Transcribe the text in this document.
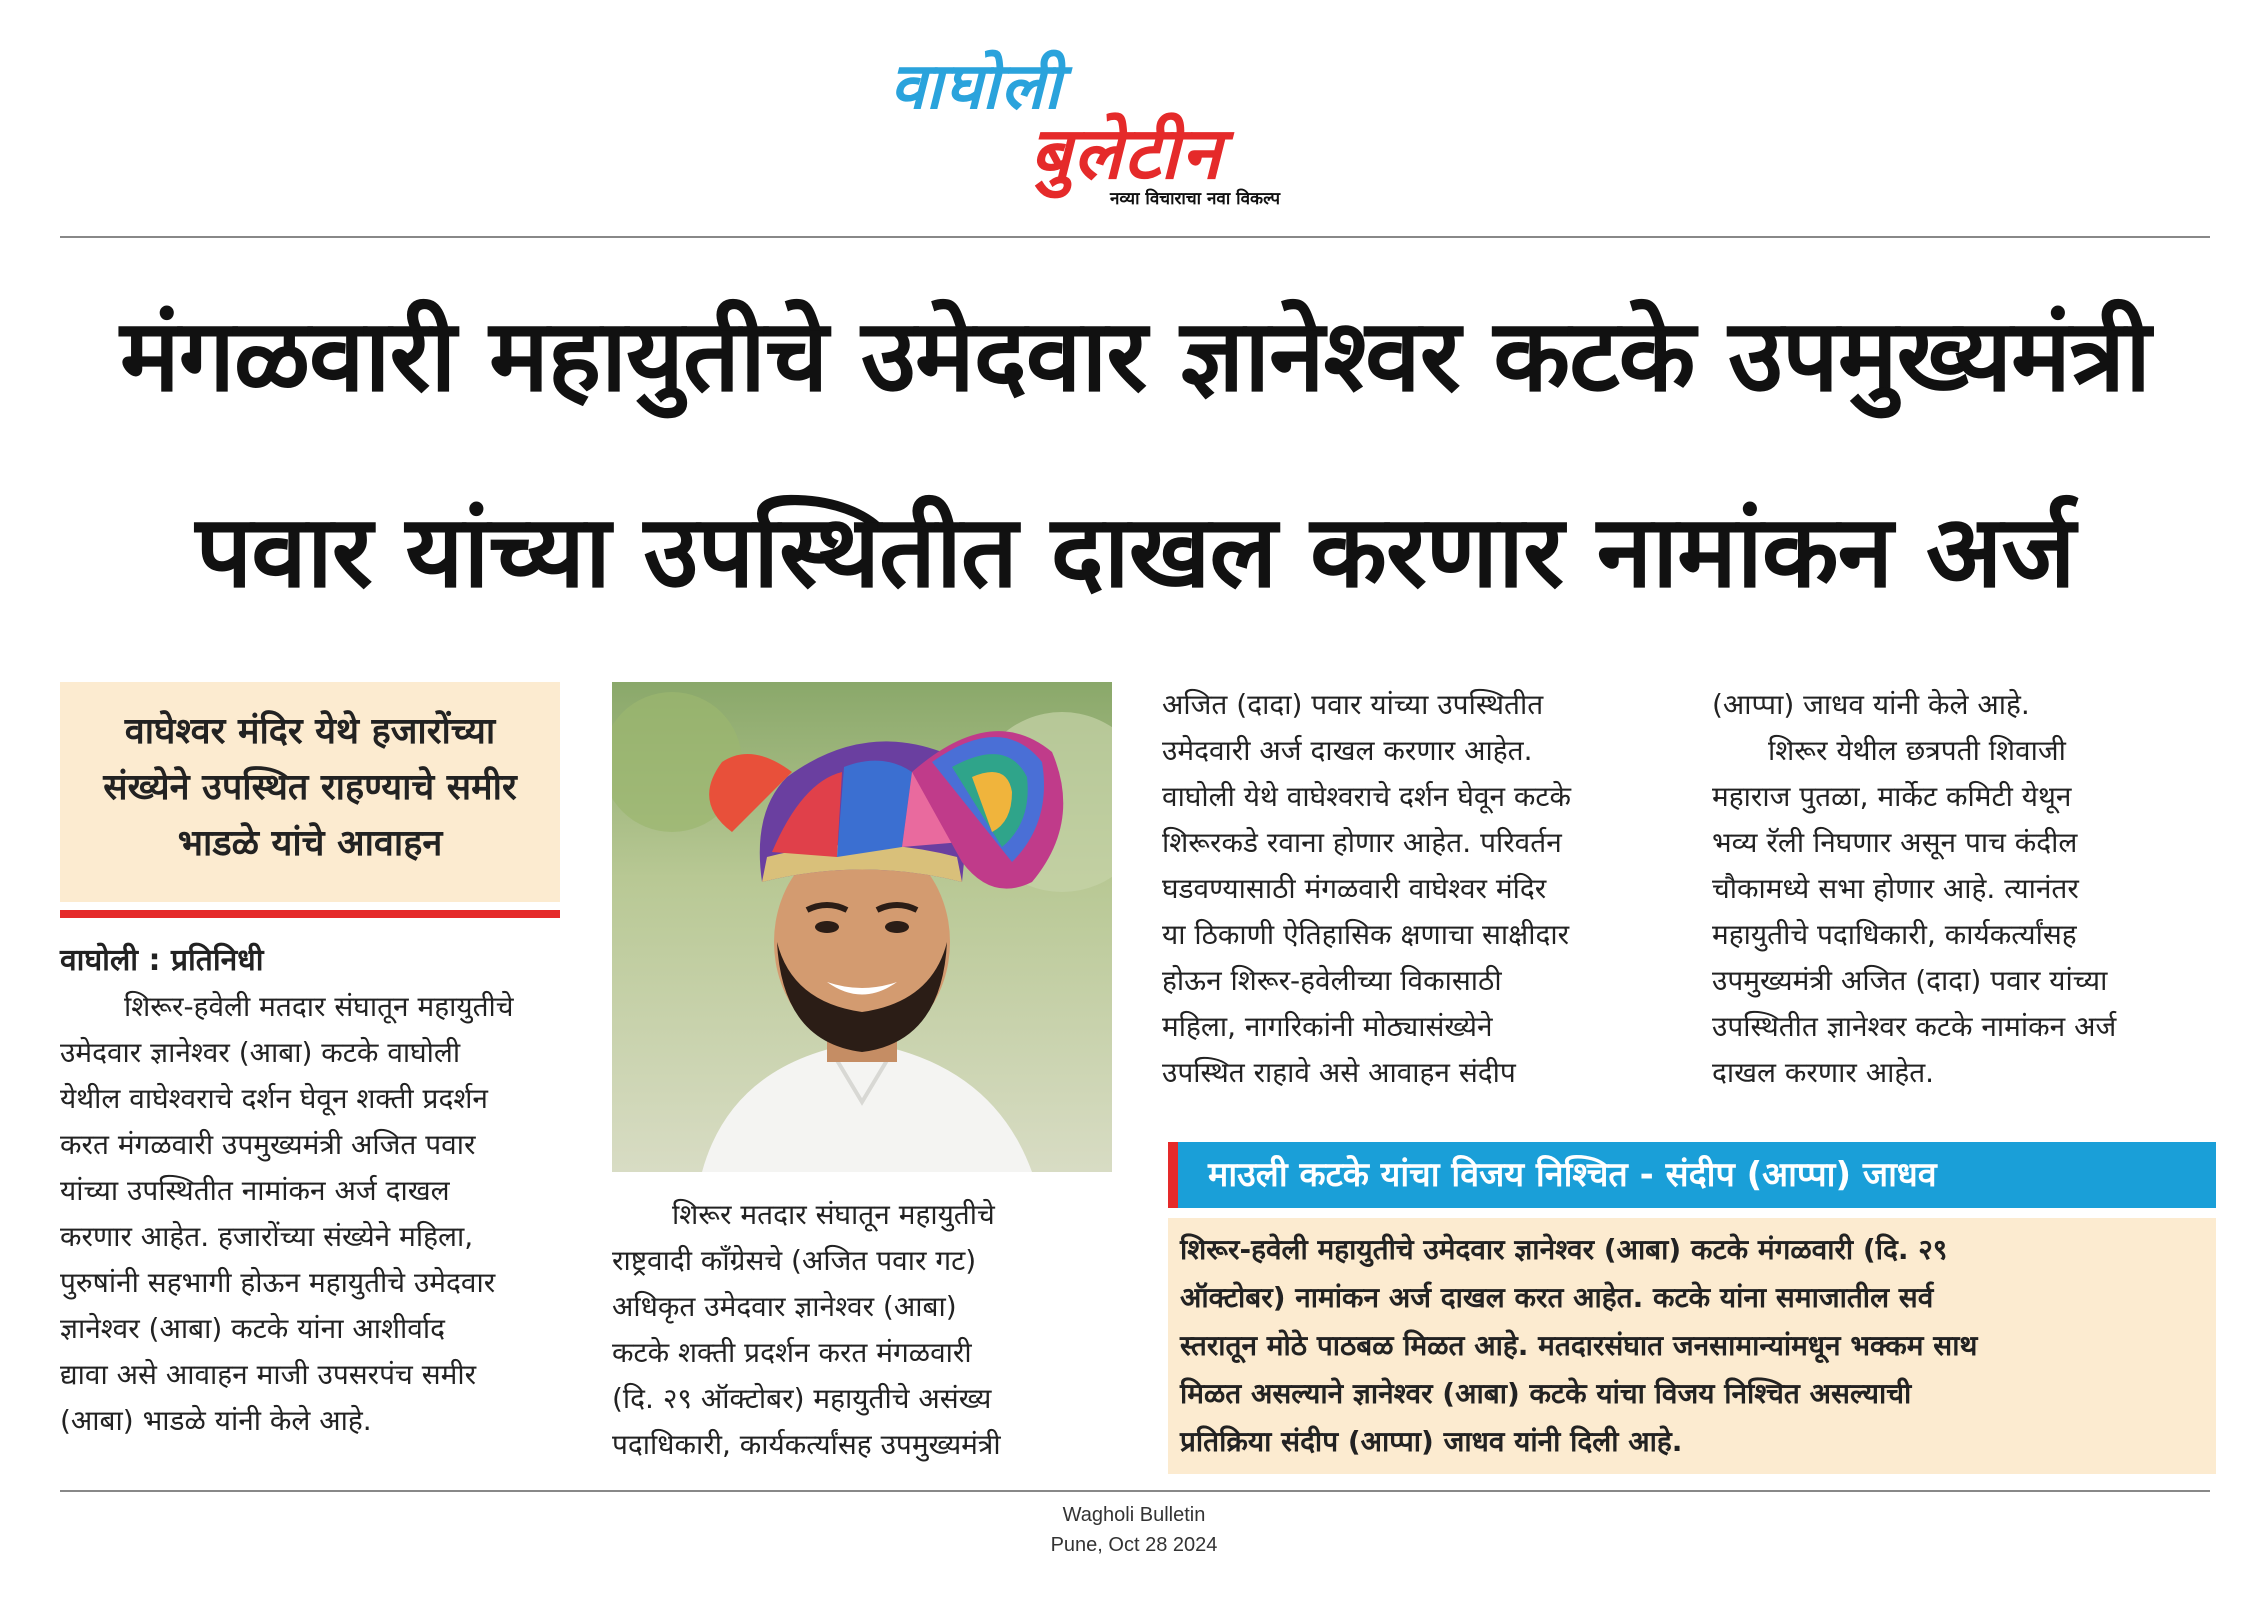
वाघोली
बुलेटीन
नव्या विचाराचा नवा विकल्प
मंगळवारी महायुतीचे उमेदवार ज्ञानेश्वर कटके उपमुख्यमंत्री
पवार यांच्या उपस्थितीत दाखल करणार नामांकन अर्ज
वाघेश्वर मंदिर येथे हजारोंच्या
संख्येने उपस्थित राहण्याचे समीर
भाडळे यांचे आवाहन
वाघोली : प्रतिनिधी

शिरूर-हवेली मतदार संघातून महायुतीचे

उमेदवार ज्ञानेश्वर (आबा) कटके वाघोली

येथील वाघेश्वराचे दर्शन घेवून शक्ती प्रदर्शन

करत मंगळवारी उपमुख्यमंत्री अजित पवार

यांच्या उपस्थितीत नामांकन अर्ज दाखल

करणार आहेत. हजारोंच्या संख्येने महिला,

पुरुषांनी सहभागी होऊन महायुतीचे उमेदवार

ज्ञानेश्वर (आबा) कटके यांना आशीर्वाद

द्यावा असे आवाहन माजी उपसरपंच समीर

(आबा) भाडळे यांनी केले आहे.

शिरूर मतदार संघातून महायुतीचे

राष्ट्रवादी काँग्रेसचे (अजित पवार गट)

अधिकृत उमेदवार ज्ञानेश्वर (आबा)

कटके शक्ती प्रदर्शन करत मंगळवारी

(दि. २९ ऑक्टोबर) महायुतीचे असंख्य

पदाधिकारी, कार्यकर्त्यांसह उपमुख्यमंत्री

अजित (दादा) पवार यांच्या उपस्थितीत

उमेदवारी अर्ज दाखल करणार आहेत.

वाघोली येथे वाघेश्वराचे दर्शन घेवून कटके

शिरूरकडे रवाना होणार आहेत. परिवर्तन

घडवण्यासाठी मंगळवारी वाघेश्वर मंदिर

या ठिकाणी ऐतिहासिक क्षणाचा साक्षीदार

होऊन शिरूर-हवेलीच्या विकासाठी

महिला, नागरिकांनी मोठ्यासंख्येने

उपस्थित राहावे असे आवाहन संदीप

(आप्पा) जाधव यांनी केले आहे.

शिरूर येथील छत्रपती शिवाजी

महाराज पुतळा, मार्केट कमिटी येथून

भव्य रॅली निघणार असून पाच कंदील

चौकामध्ये सभा होणार आहे. त्यानंतर

महायुतीचे पदाधिकारी, कार्यकर्त्यांसह

उपमुख्यमंत्री अजित (दादा) पवार यांच्या

उपस्थितीत ज्ञानेश्वर कटके नामांकन अर्ज

दाखल करणार आहेत.

माउली कटके यांचा विजय निश्चित - संदीप (आप्पा) जाधव
शिरूर-हवेली महायुतीचे उमेदवार ज्ञानेश्वर (आबा) कटके मंगळवारी (दि. २९
ऑक्टोबर) नामांकन अर्ज दाखल करत आहेत. कटके यांना समाजातील सर्व
स्तरातून मोठे पाठबळ मिळत आहे. मतदारसंघात जनसामान्यांमधून भक्कम साथ
मिळत असल्याने ज्ञानेश्वर (आबा) कटके यांचा विजय निश्चित असल्याची
प्रतिक्रिया संदीप (आप्पा) जाधव यांनी दिली आहे.
Wagholi Bulletin
Pune, Oct 28 2024
